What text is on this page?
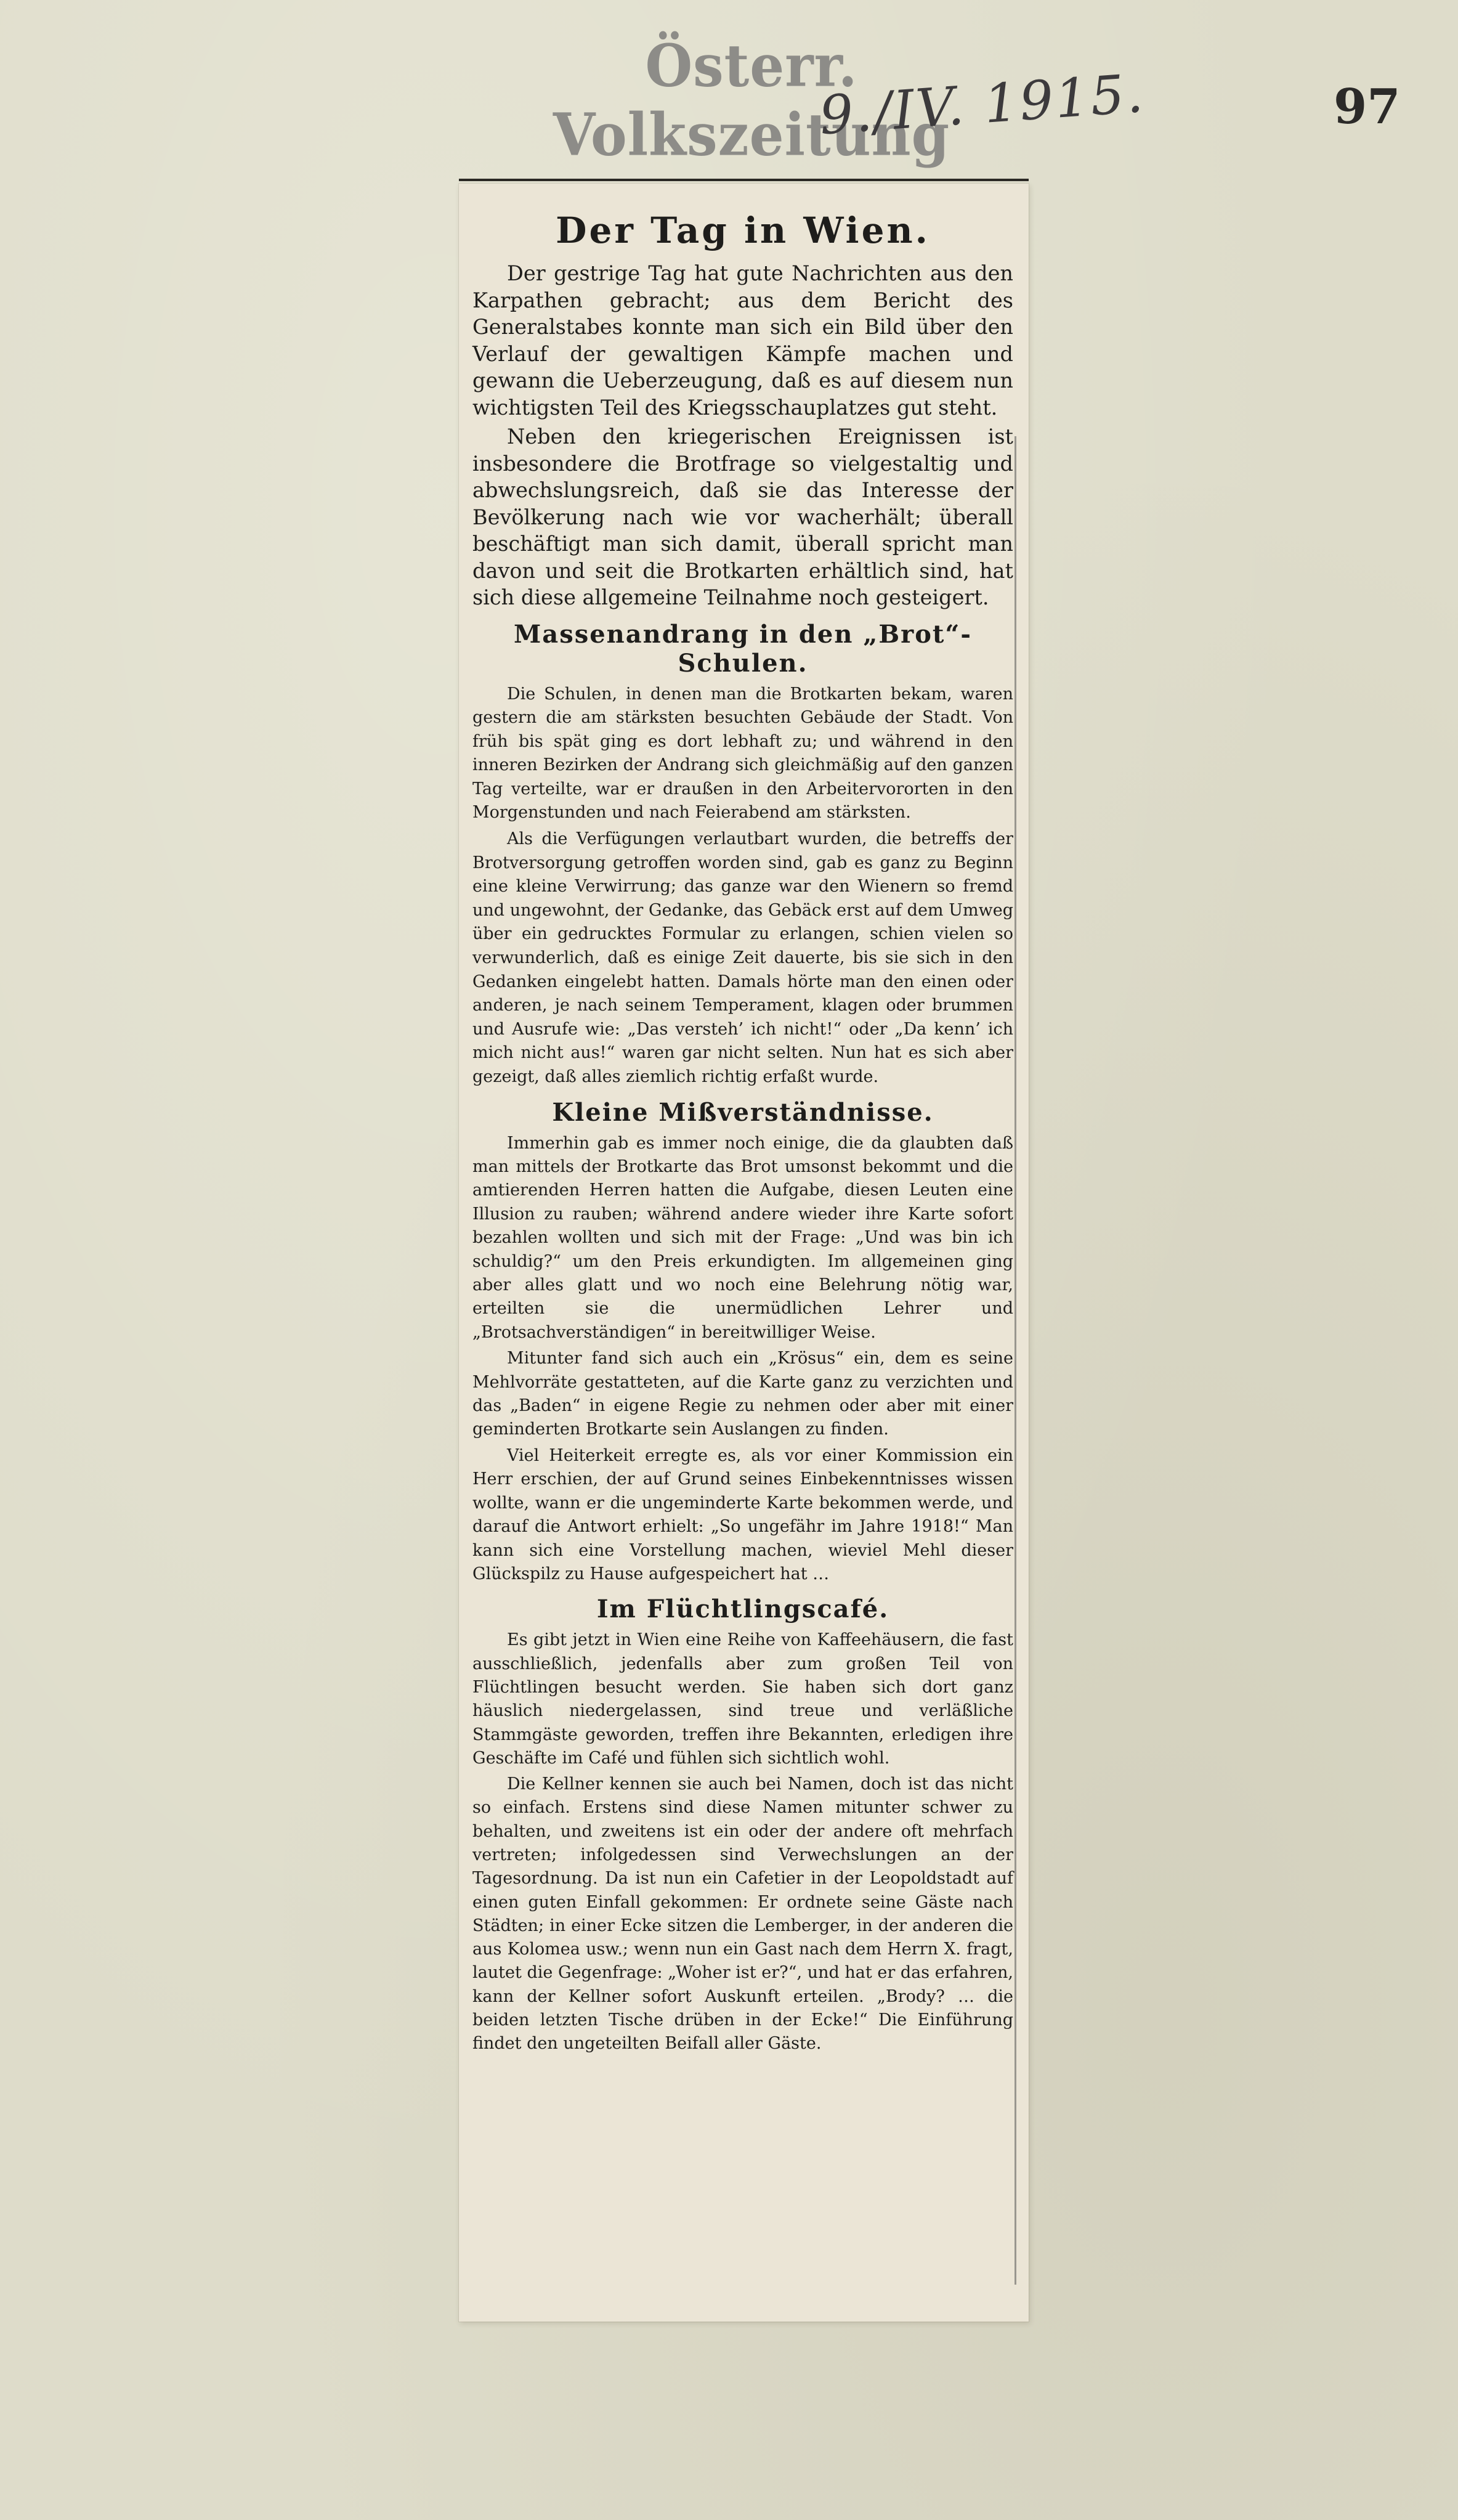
Österr. Volkszeitung
9./IV. 1915.	97
Der Tag in Wien.

Der gestrige Tag hat gute Nachrichten aus den Karpathen gebracht; aus dem Bericht des Generalstabes konnte man sich ein Bild über den Verlauf der gewaltigen Kämpfe machen und gewann die Ueberzeugung, daß es auf diesem nun wichtigsten Teil des Kriegsschauplatzes gut steht.

Neben den kriegerischen Ereignissen ist insbesondere die Brotfrage so vielgestaltig und abwechslungsreich, daß sie das Interesse der Bevölkerung nach wie vor wacherhält; überall beschäftigt man sich damit, überall spricht man davon und seit die Brotkarten erhältlich sind, hat sich diese allgemeine Teilnahme noch gesteigert.

Massenandrang in den „Brot“-Schulen.

Die Schulen, in denen man die Brotkarten bekam, waren gestern die am stärksten besuchten Gebäude der Stadt. Von früh bis spät ging es dort lebhaft zu; und während in den inneren Bezirken der Andrang sich gleichmäßig auf den ganzen Tag verteilte, war er draußen in den Arbeitervororten in den Morgenstunden und nach Feierabend am stärksten.

Als die Verfügungen verlautbart wurden, die betreffs der Brotversorgung getroffen worden sind, gab es ganz zu Beginn eine kleine Verwirrung; das ganze war den Wienern so fremd und ungewohnt, der Gedanke, das Gebäck erst auf dem Umweg über ein gedrucktes Formular zu erlangen, schien vielen so verwunderlich, daß es einige Zeit dauerte, bis sie sich in den Gedanken eingelebt hatten. Damals hörte man den einen oder anderen, je nach seinem Temperament, klagen oder brummen und Ausrufe wie: „Das versteh’ ich nicht!“ oder „Da kenn’ ich mich nicht aus!“ waren gar nicht selten. Nun hat es sich aber gezeigt, daß alles ziemlich richtig erfaßt wurde.

Kleine Mißverständnisse.

Immerhin gab es immer noch einige, die da glaubten daß man mittels der Brotkarte das Brot umsonst bekommt und die amtierenden Herren hatten die Aufgabe, diesen Leuten eine Illusion zu rauben; während andere wieder ihre Karte sofort bezahlen wollten und sich mit der Frage: „Und was bin ich schuldig?“ um den Preis erkundigten. Im allgemeinen ging aber alles glatt und wo noch eine Belehrung nötig war, erteilten sie die unermüdlichen Lehrer und „Brotsachverständigen“ in bereitwilliger Weise.

Mitunter fand sich auch ein „Krösus“ ein, dem es seine Mehlvorräte gestatteten, auf die Karte ganz zu verzichten und das „Baden“ in eigene Regie zu nehmen oder aber mit einer geminderten Brotkarte sein Auslangen zu finden.

Viel Heiterkeit erregte es, als vor einer Kommission ein Herr erschien, der auf Grund seines Einbekenntnisses wissen wollte, wann er die ungeminderte Karte bekommen werde, und darauf die Antwort erhielt: „So ungefähr im Jahre 1918!“ Man kann sich eine Vorstellung machen, wieviel Mehl dieser Glückspilz zu Hause aufgespeichert hat …

Im Flüchtlingscafé.

Es gibt jetzt in Wien eine Reihe von Kaffeehäusern, die fast ausschließlich, jedenfalls aber zum großen Teil von Flüchtlingen besucht werden. Sie haben sich dort ganz häuslich niedergelassen, sind treue und verläßliche Stammgäste geworden, treffen ihre Bekannten, erledigen ihre Geschäfte im Café und fühlen sich sichtlich wohl.

Die Kellner kennen sie auch bei Namen, doch ist das nicht so einfach. Erstens sind diese Namen mitunter schwer zu behalten, und zweitens ist ein oder der andere oft mehrfach vertreten; infolgedessen sind Verwechslungen an der Tagesordnung. Da ist nun ein Cafetier in der Leopoldstadt auf einen guten Einfall gekommen: Er ordnete seine Gäste nach Städten; in einer Ecke sitzen die Lemberger, in der anderen die aus Kolomea usw.; wenn nun ein Gast nach dem Herrn X. fragt, lautet die Gegenfrage: „Woher ist er?“, und hat er das erfahren, kann der Kellner sofort Auskunft erteilen. „Brody? … die beiden letzten Tische drüben in der Ecke!“ Die Einführung findet den ungeteilten Beifall aller Gäste.
